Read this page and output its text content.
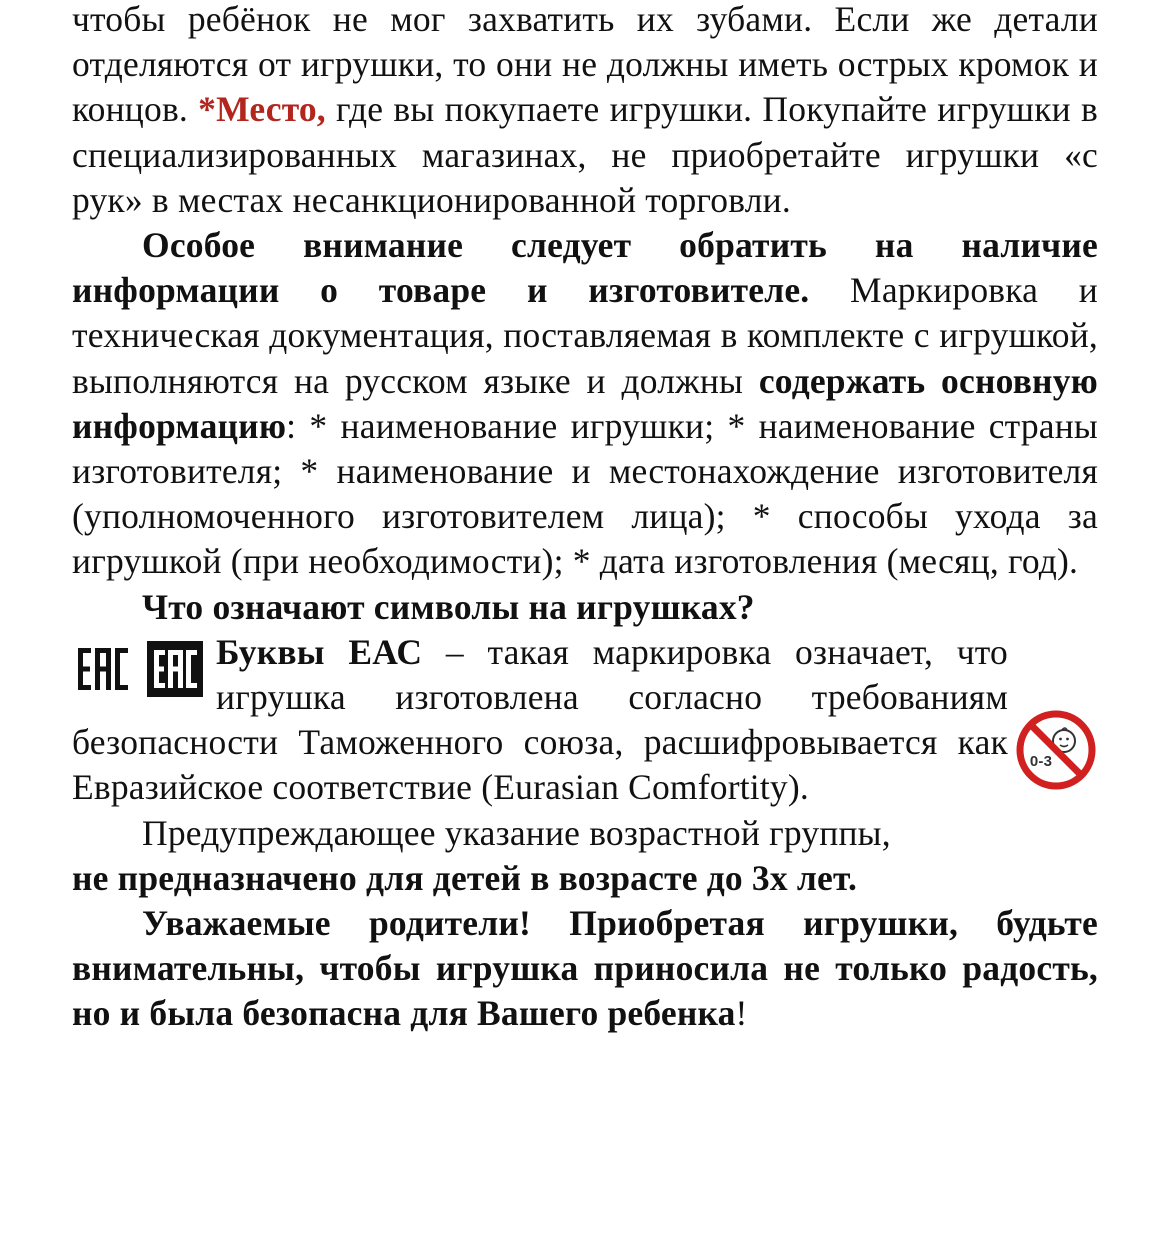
чтобы ребёнок не мог захватить их зубами. Если же детали отделяются от игрушки, то они не должны иметь острых кромок и концов. *Место, где вы покупаете игрушки. Покупайте игрушки в специализированных магазинах, не приобретайте игрушки «с рук» в местах несанкционированной торговли.

Особое внимание следует обратить на наличие информации о товаре и изготовителе. Маркировка и техническая документация, поставляемая в комплекте с игрушкой, выполняются на русском языке и должны содержать основную информацию: * наименование игрушки; * наименование страны изготовителя; * наименование и местонахождение изготовителя (уполномоченного изготовителем лица); * способы ухода за игрушкой (при необходимости); * дата изготовления (месяц, год).

Что означают символы на игрушках?

0-3

Буквы ЕАС – такая маркировка означает, что игрушка изготовлена согласно требованиям безопасности Таможенного союза, расшифровывается как Евразийское соответствие (Eurasian Comfortity).

Предупреждающее указание возрастной группы,

не предназначено для детей в возрасте до 3х лет.

Уважаемые родители! Приобретая игрушки, будьте внимательны, чтобы игрушка приносила не только радость, но и была безопасна для Вашего ребенка!
